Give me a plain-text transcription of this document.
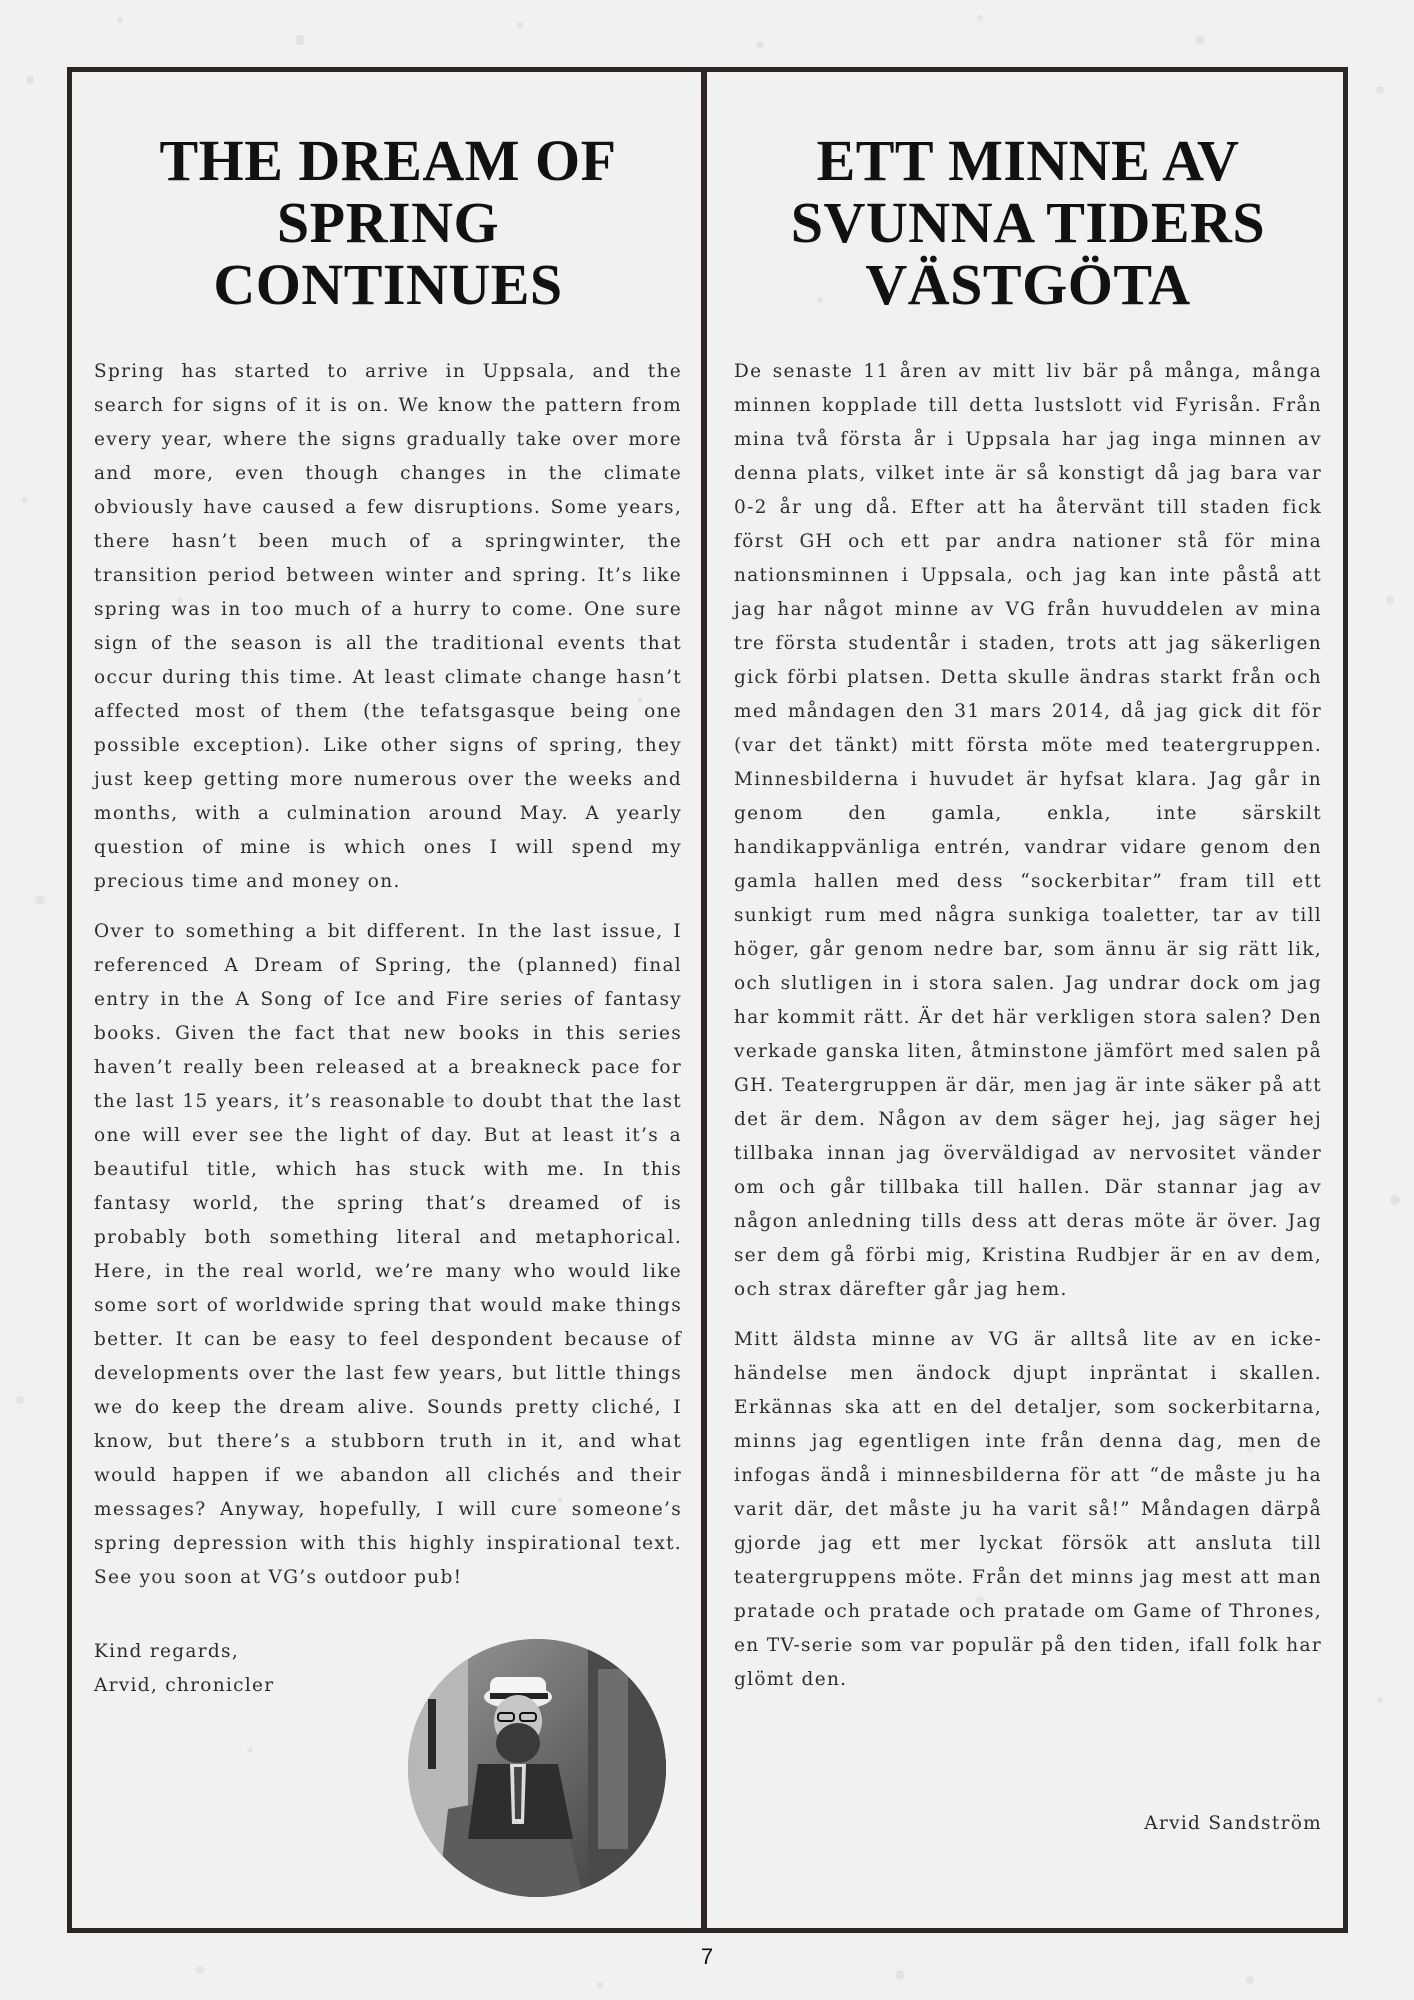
THE DREAM OF
SPRING
CONTINUES

Spring has started to arrive in Uppsala, and the search for signs of it is on. We know the pattern from every year, where the signs gradually take over more and more, even though changes in the climate obviously have caused a few disruptions. Some years, there hasn’t been much of a springwinter, the transition period between winter and spring. It’s like spring was in too much of a hurry to come. One sure sign of the season is all the traditional events that occur during this time. At least climate change hasn’t affected most of them (the tefatsgasque being one possible exception). Like other signs of spring, they just keep getting more numerous over the weeks and months, with a culmination around May. A yearly question of mine is which ones I will spend my precious time and money on.

Over to something a bit different. In the last issue, I referenced A Dream of Spring, the (planned) final entry in the A Song of Ice and Fire series of fantasy books. Given the fact that new books in this series haven’t really been released at a breakneck pace for the last 15 years, it’s reasonable to doubt that the last one will ever see the light of day. But at least it’s a beautiful title, which has stuck with me. In this fantasy world, the spring that’s dreamed of is probably both something literal and metaphorical. Here, in the real world, we’re many who would like some sort of worldwide spring that would make things better. It can be easy to feel despondent because of developments over the last few years, but little things we do keep the dream alive. Sounds pretty cliché, I know, but there’s a stubborn truth in it, and what would happen if we abandon all clichés and their messages? Anyway, hopefully, I will cure someone’s spring depression with this highly inspirational text. See you soon at VG’s outdoor pub!

Kind regards,
Arvid, chronicler
ETT MINNE AV
SVUNNA TIDERS
VÄSTGÖTA

De senaste 11 åren av mitt liv bär på många, många minnen kopplade till detta lustslott vid Fyrisån. Från mina två första år i Uppsala har jag inga minnen av denna plats, vilket inte är så konstigt då jag bara var 0-2 år ung då. Efter att ha återvänt till staden fick först GH och ett par andra nationer stå för mina nationsminnen i Uppsala, och jag kan inte påstå att jag har något minne av VG från huvuddelen av mina tre första studentår i staden, trots att jag säkerligen gick förbi platsen. Detta skulle ändras starkt från och med måndagen den 31 mars 2014, då jag gick dit för (var det tänkt) mitt första möte med teatergruppen. Minnesbilderna i huvudet är hyfsat klara. Jag går in genom den gamla, enkla, inte särskilt handikappvänliga entrén, vandrar vidare genom den gamla hallen med dess “sockerbitar” fram till ett sunkigt rum med några sunkiga toaletter, tar av till höger, går genom nedre bar, som ännu är sig rätt lik, och slutligen in i stora salen. Jag undrar dock om jag har kommit rätt. Är det här verkligen stora salen? Den verkade ganska liten, åtminstone jämfört med salen på GH. Teatergruppen är där, men jag är inte säker på att det är dem. Någon av dem säger hej, jag säger hej tillbaka innan jag överväldigad av nervositet vänder om och går tillbaka till hallen. Där stannar jag av någon anledning tills dess att deras möte är över. Jag ser dem gå förbi mig, Kristina Rudbjer är en av dem, och strax därefter går jag hem.

Mitt äldsta minne av VG är alltså lite av en icke-händelse men ändock djupt inpräntat i skallen. Erkännas ska att en del detaljer, som sockerbitarna, minns jag egentligen inte från denna dag, men de infogas ändå i minnesbilderna för att “de måste ju ha varit där, det måste ju ha varit så!” Måndagen därpå gjorde jag ett mer lyckat försök att ansluta till teatergruppens möte. Från det minns jag mest att man pratade och pratade och pratade om Game of Thrones, en TV-serie som var populär på den tiden, ifall folk har glömt den.

Arvid Sandström
7
